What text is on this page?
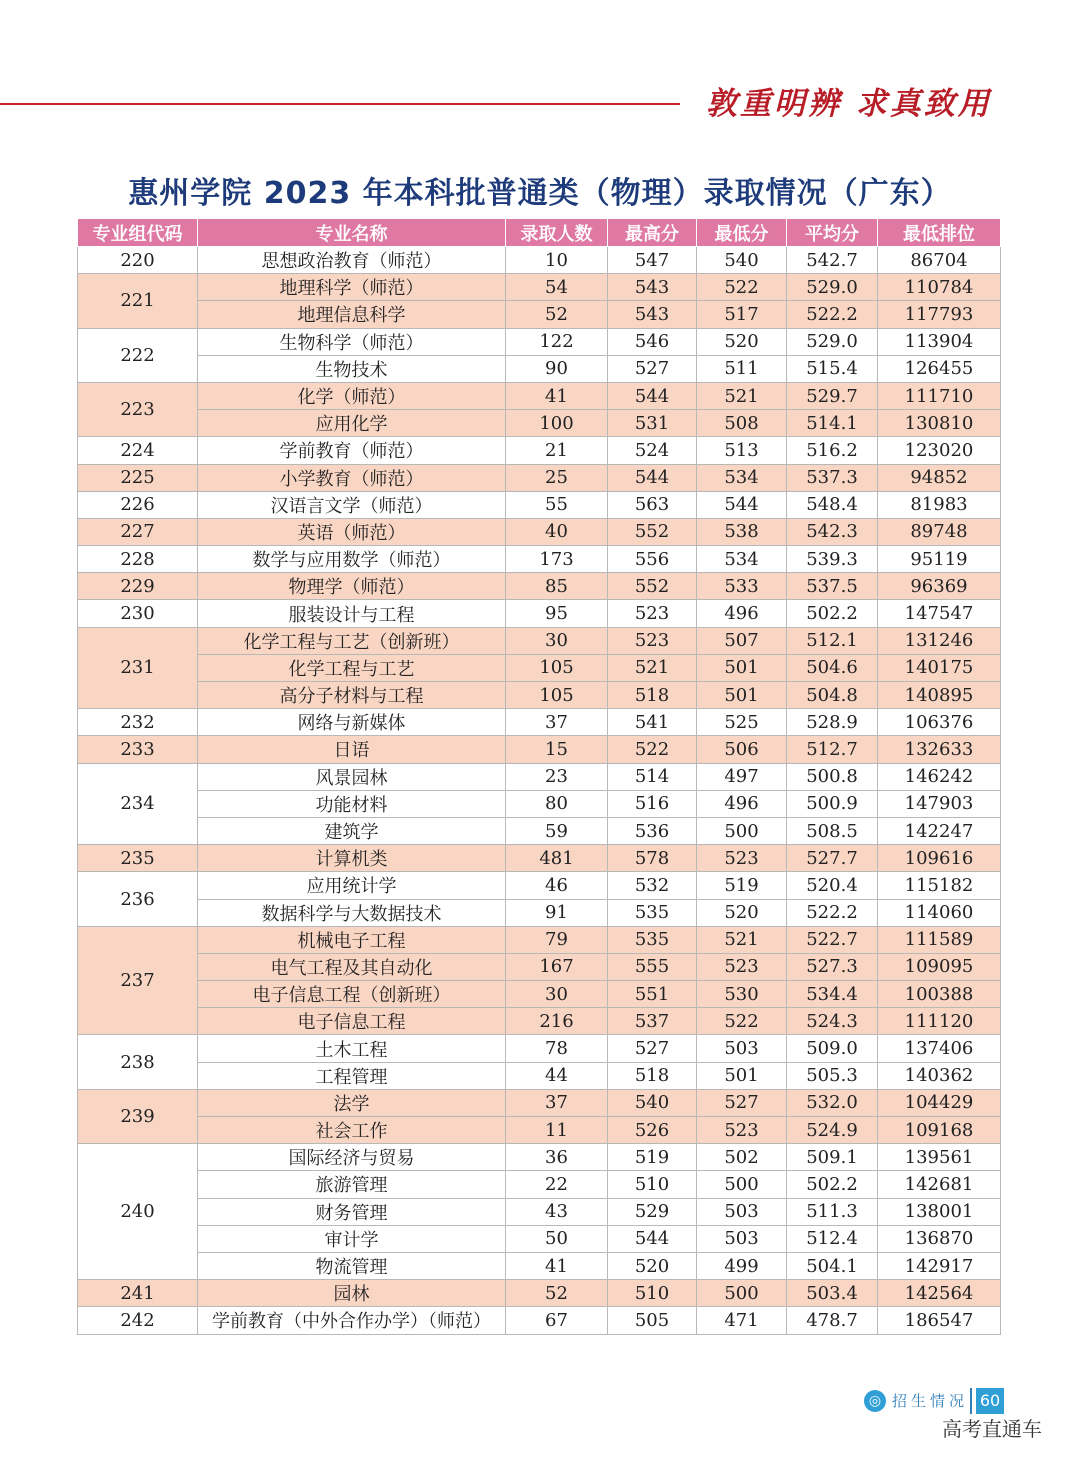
敦重明辨 求真致用
惠州学院 2023 年本科批普通类（物理）录取情况（广东）
专业组代码	专业名称	录取人数	最高分	最低分	平均分	最低排位
220	思想政治教育（师范）	10	547	540	542.7	86704
221	地理科学（师范）	54	543	522	529.0	110784
	地理信息科学	52	543	517	522.2	117793
222	生物科学（师范）	122	546	520	529.0	113904
	生物技术	90	527	511	515.4	126455
223	化学（师范）	41	544	521	529.7	111710
	应用化学	100	531	508	514.1	130810
224	学前教育（师范）	21	524	513	516.2	123020
225	小学教育（师范）	25	544	534	537.3	94852
226	汉语言文学（师范）	55	563	544	548.4	81983
227	英语（师范）	40	552	538	542.3	89748
228	数学与应用数学（师范）	173	556	534	539.3	95119
229	物理学（师范）	85	552	533	537.5	96369
230	服装设计与工程	95	523	496	502.2	147547
231	化学工程与工艺（创新班）	30	523	507	512.1	131246
	化学工程与工艺	105	521	501	504.6	140175
	高分子材料与工程	105	518	501	504.8	140895
232	网络与新媒体	37	541	525	528.9	106376
233	日语	15	522	506	512.7	132633
234	风景园林	23	514	497	500.8	146242
	功能材料	80	516	496	500.9	147903
	建筑学	59	536	500	508.5	142247
235	计算机类	481	578	523	527.7	109616
236	应用统计学	46	532	519	520.4	115182
	数据科学与大数据技术	91	535	520	522.2	114060
237	机械电子工程	79	535	521	522.7	111589
	电气工程及其自动化	167	555	523	527.3	109095
	电子信息工程（创新班）	30	551	530	534.4	100388
	电子信息工程	216	537	522	524.3	111120
238	土木工程	78	527	503	509.0	137406
	工程管理	44	518	501	505.3	140362
239	法学	37	540	527	532.0	104429
	社会工作	11	526	523	524.9	109168
240	国际经济与贸易	36	519	502	509.1	139561
	旅游管理	22	510	500	502.2	142681
	财务管理	43	529	503	511.3	138001
	审计学	50	544	503	512.4	136870
	物流管理	41	520	499	504.1	142917
241	园林	52	510	500	503.4	142564
242	学前教育（中外合作办学）（师范）	67	505	471	478.7	186547
◎ 招生情况 60
高考直通车
